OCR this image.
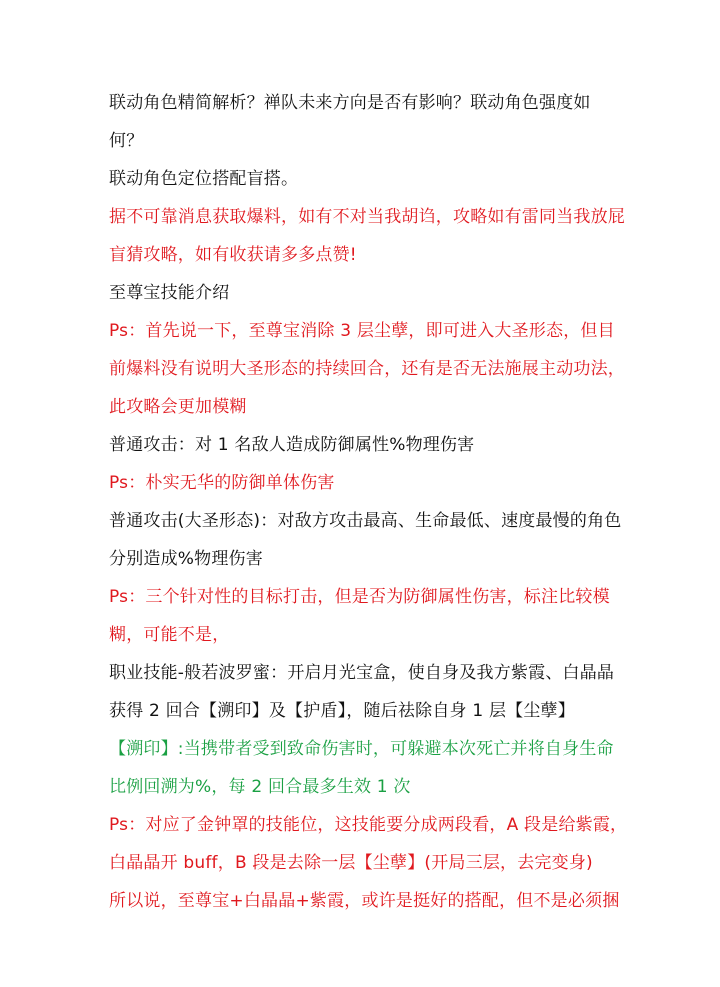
联动角色精简解析？禅队未来方向是否有影响？联动角色强度如
何？
联动角色定位搭配盲搭。
据不可靠消息获取爆料，如有不对当我胡诌，攻略如有雷同当我放屁
盲猜攻略，如有收获请多多点赞!
至尊宝技能介绍
Ps：首先说一下，至尊宝消除 3 层尘孽，即可进入大圣形态，但目
前爆料没有说明大圣形态的持续回合，还有是否无法施展主动功法，
此攻略会更加模糊
普通攻击：对 1 名敌人造成防御属性%物理伤害
Ps：朴实无华的防御单体伤害
普通攻击(大圣形态)：对敌方攻击最高、生命最低、速度最慢的角色
分别造成%物理伤害
Ps：三个针对性的目标打击，但是否为防御属性伤害，标注比较模
糊，可能不是，
职业技能-般若波罗蜜：开启月光宝盒，使自身及我方紫霞、白晶晶
获得 2 回合【溯印】及【护盾】，随后祛除自身 1 层【尘孽】
【溯印】:当携带者受到致命伤害时，可躲避本次死亡并将自身生命
比例回溯为%，每 2 回合最多生效 1 次
Ps：对应了金钟罩的技能位，这技能要分成两段看，A 段是给紫霞，
白晶晶开 buff，B 段是去除一层【尘孽】(开局三层，去完变身)
所以说，至尊宝+白晶晶+紫霞，或许是挺好的搭配，但不是必须捆
